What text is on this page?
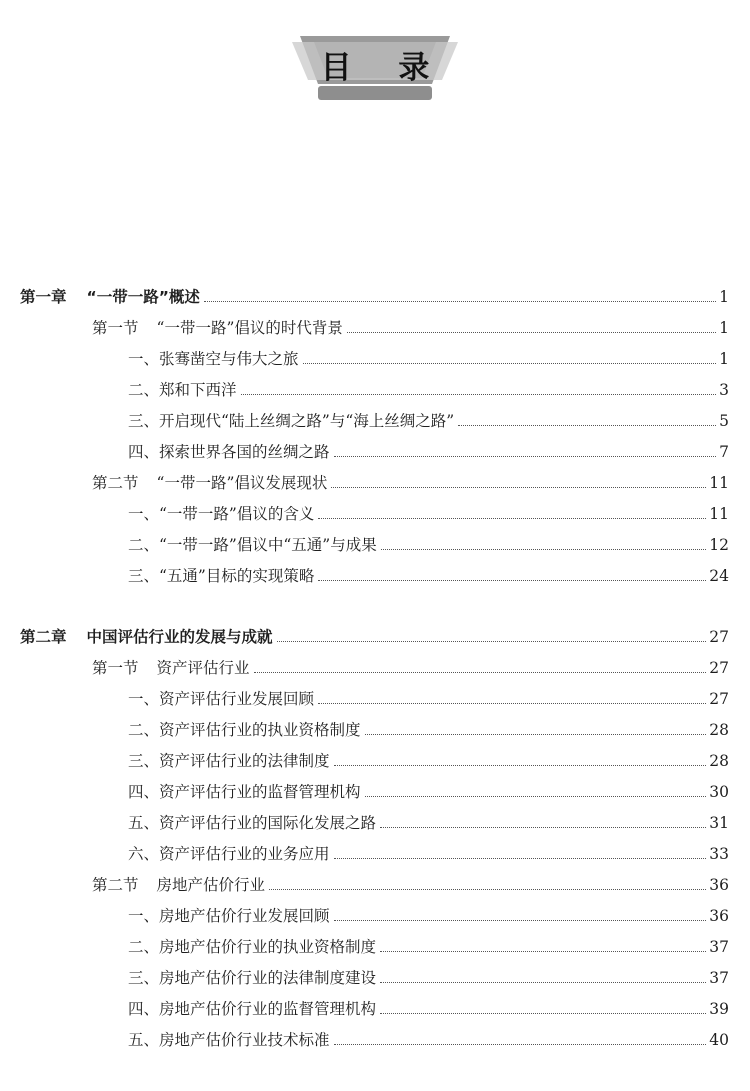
目 录
第一章 “一带一路”概述	1
第一节 “一带一路”倡议的时代背景	1
一、张骞凿空与伟大之旅	1
二、郑和下西洋	3
三、开启现代“陆上丝绸之路”与“海上丝绸之路”	5
四、探索世界各国的丝绸之路	7
第二节 “一带一路”倡议发展现状	11
一、“一带一路”倡议的含义	11
二、“一带一路”倡议中“五通”与成果	12
三、“五通”目标的实现策略	24
第二章 中国评估行业的发展与成就	27
第一节 资产评估行业	27
一、资产评估行业发展回顾	27
二、资产评估行业的执业资格制度	28
三、资产评估行业的法律制度	28
四、资产评估行业的监督管理机构	30
五、资产评估行业的国际化发展之路	31
六、资产评估行业的业务应用	33
第二节 房地产估价行业	36
一、房地产估价行业发展回顾	36
二、房地产估价行业的执业资格制度	37
三、房地产估价行业的法律制度建设	37
四、房地产估价行业的监督管理机构	39
五、房地产估价行业技术标准	40
